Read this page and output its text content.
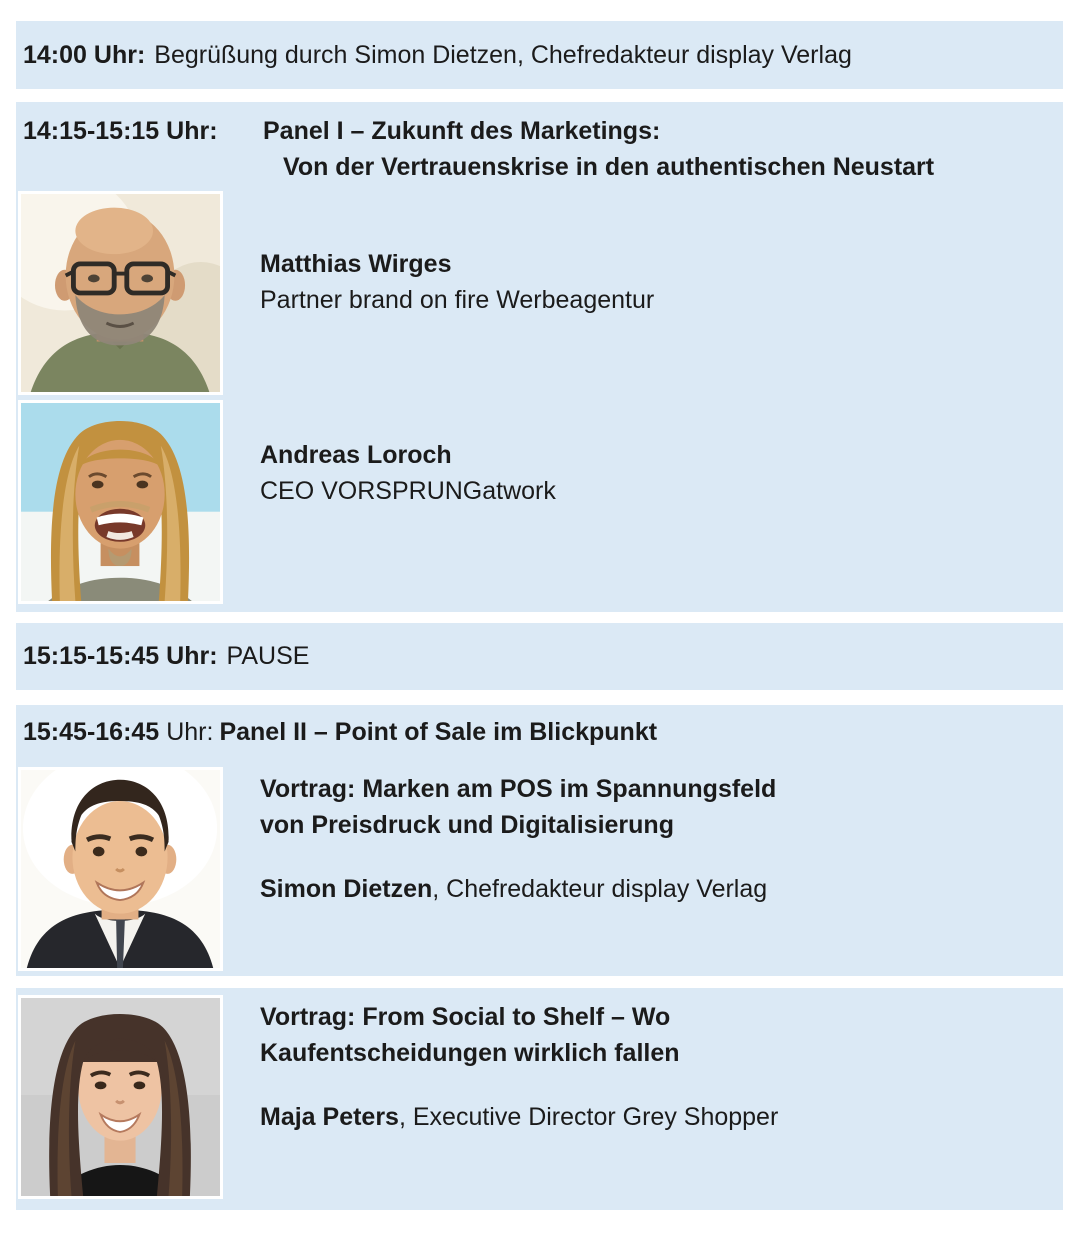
14:00 Uhr: Begrüßung durch Simon Dietzen, Chefredakteur display Verlag

14:15-15:15 Uhr:	Panel I – Zukunft des Marketings:
Von der Vertrauenskrise in den authentischen Neustart
Matthias Wirges
Partner brand on fire Werbeagentur
Andreas Loroch
CEO VORSPRUNGatwork

15:15-15:45 Uhr: PAUSE

15:45-16:45 Uhr: Panel II – Point of Sale im Blickpunkt
Vortrag: Marken am POS im Spannungsfeld
von Preisdruck und Digitalisierung
Simon Dietzen, Chefredakteur display Verlag
Vortrag: From Social to Shelf – Wo
Kaufentscheidungen wirklich fallen
Maja Peters, Executive Director Grey Shopper
